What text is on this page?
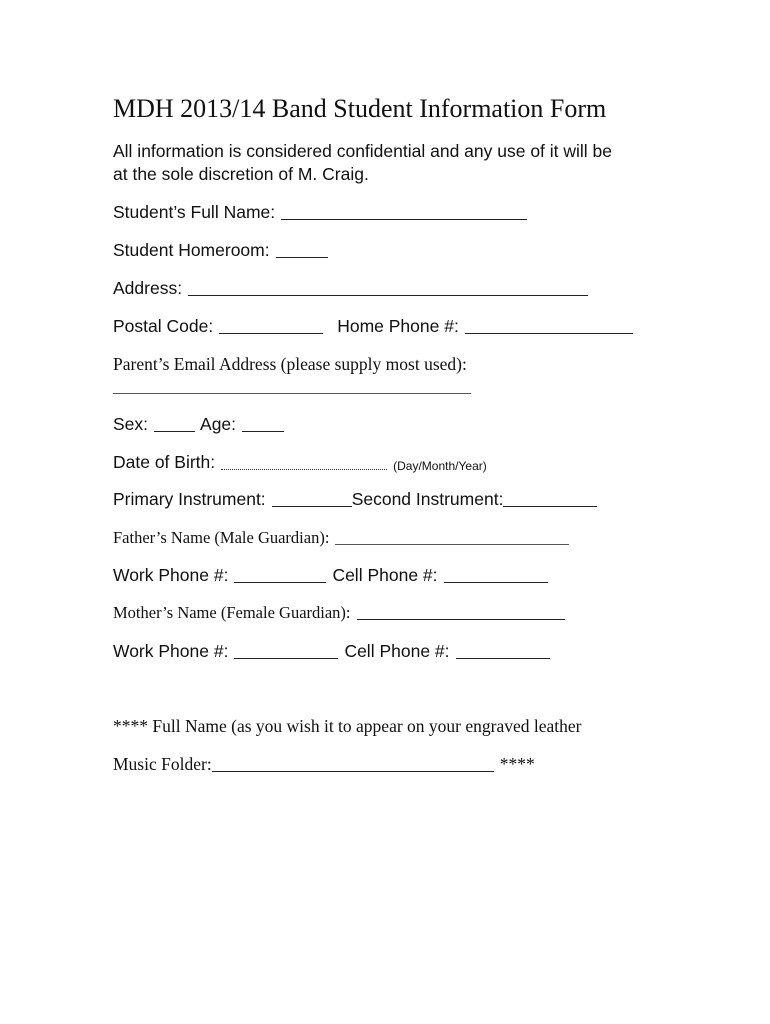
MDH 2013/14 Band Student Information Form
All information is considered confidential and any use of it will be
at the sole discretion of M. Craig.
Student’s Full Name:
Student Homeroom:
Address:
Postal Code:	Home Phone #:
Parent’s Email Address (please supply most used):
Sex:	Age:
Date of Birth:	(Day/Month/Year)
Primary Instrument:	Second Instrument:
Father’s Name (Male Guardian):
Work Phone #:	Cell Phone #:
Mother’s Name (Female Guardian):
Work Phone #:	Cell Phone #:
**** Full Name (as you wish it to appear on your engraved leather
Music Folder:	****
